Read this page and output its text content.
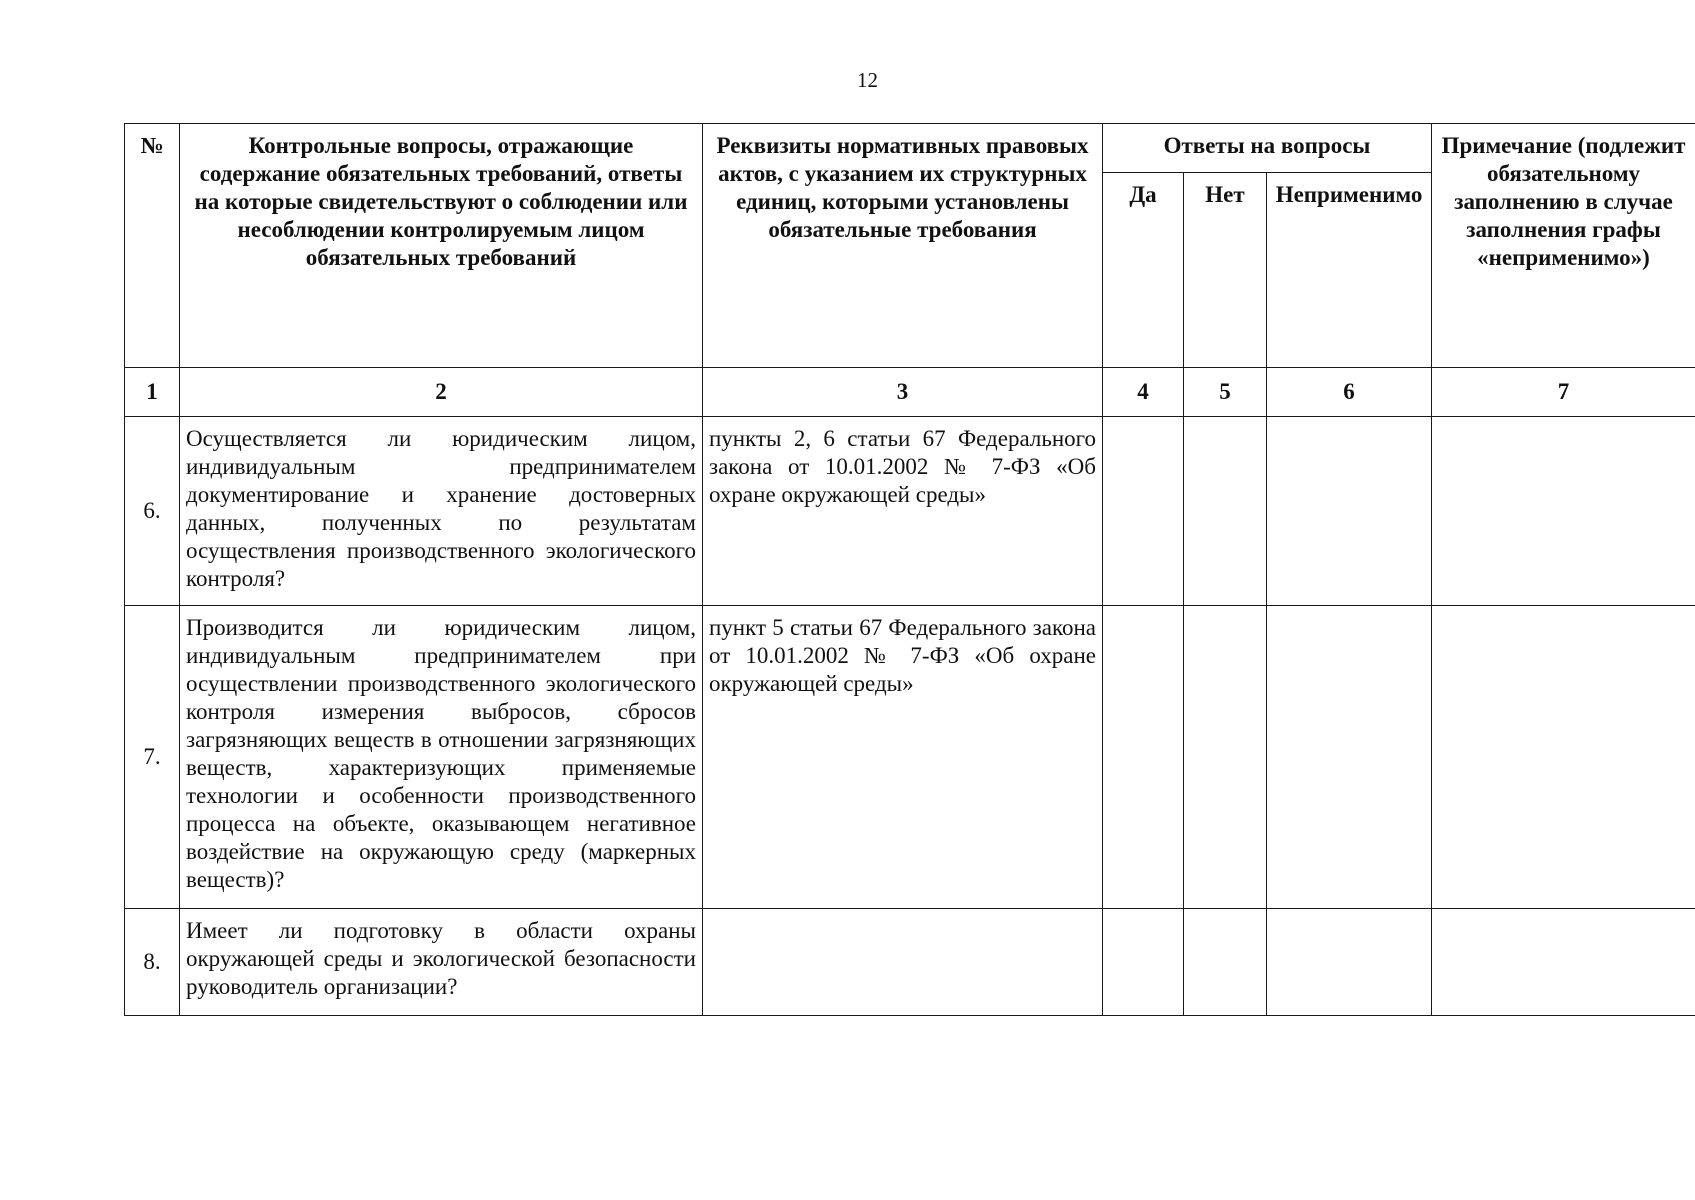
12
№	Контрольные вопросы, отражающие содержание обязательных требований, ответы на которые свидетельствуют о соблюдении или несоблюдении контролируемым лицом обязательных требований	Реквизиты нормативных правовых актов, с указанием их структурных единиц, которыми установлены обязательные требования	Ответы на вопросы			Примечание (подлежит обязательному заполнению в случае заполнения графы «неприменимо»)
			Да	Нет	Неприменимо	
1	2	3	4	5	6	7
6.	Осуществляется ли юридическим лицом, индивидуальным предпринимателем документирование и хранение достоверных данных, полученных по результатам осуществления производственного экологического контроля?	пункты 2, 6 статьи 67 Федерального закона от 10.01.2002 № 7-ФЗ «Об охране окружающей среды»				
7.	Производится ли юридическим лицом, индивидуальным предпринимателем при осуществлении производственного экологического контроля измерения выбросов, сбросов загрязняющих веществ в отношении загрязняющих веществ, характеризующих применяемые технологии и особенности производственного процесса на объекте, оказывающем негативное воздействие на окружающую среду (маркерных веществ)?	пункт 5 статьи 67 Федерального закона от 10.01.2002 № 7-ФЗ «Об охране окружающей среды»				
8.	Имеет ли подготовку в области охраны окружающей среды и экологической безопасности руководитель организации?					
